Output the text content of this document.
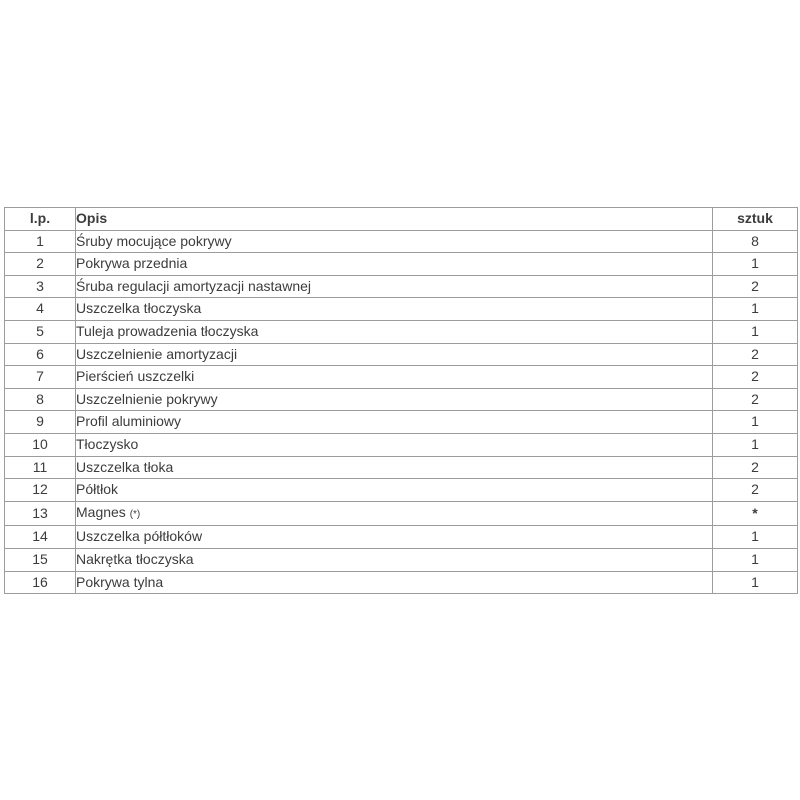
l.p.	Opis	sztuk
1	Śruby mocujące pokrywy	8
2	Pokrywa przednia	1
3	Śruba regulacji amortyzacji nastawnej	2
4	Uszczelka tłoczyska	1
5	Tuleja prowadzenia tłoczyska	1
6	Uszczelnienie amortyzacji	2
7	Pierścień uszczelki	2
8	Uszczelnienie pokrywy	2
9	Profil aluminiowy	1
10	Tłoczysko	1
11	Uszczelka tłoka	2
12	Półtłok	2
13	Magnes (*)	*
14	Uszczelka półtłoków	1
15	Nakrętka tłoczyska	1
16	Pokrywa tylna	1
